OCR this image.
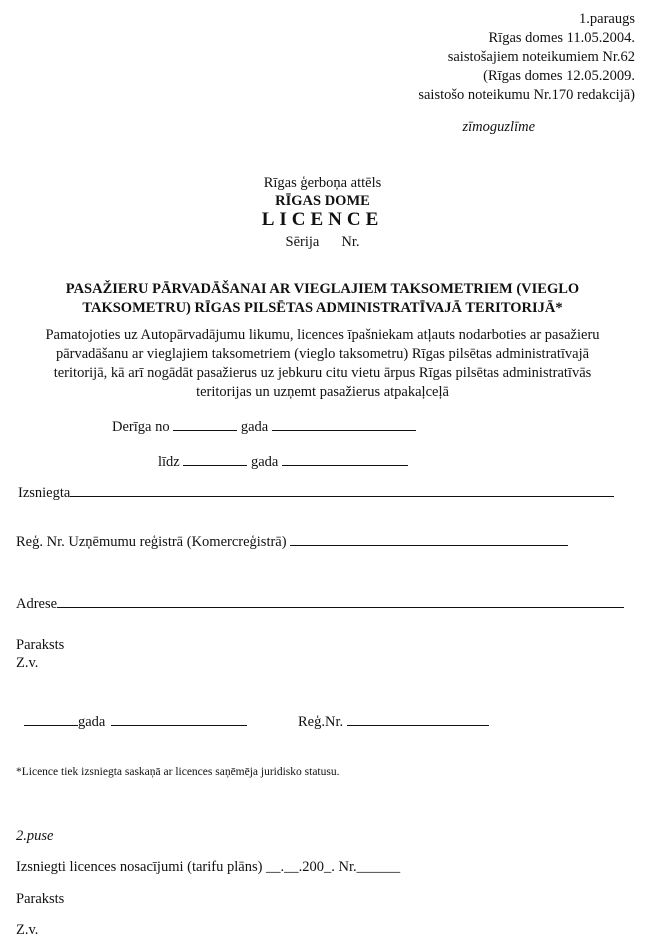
1.paraugs
Rīgas domes 11.05.2004.
saistošajiem noteikumiem Nr.62
(Rīgas domes 12.05.2009.
saistošo noteikumu Nr.170 redakcijā)
zīmoguzlīme
Rīgas ģerboņa attēls
RĪGAS DOME
LICENCE
Sērija Nr.
PASAŽIERU PĀRVADĀŠANAI AR VIEGLAJIEM TAKSOMETRIEM (VIEGLO
TAKSOMETRU) RĪGAS PILSĒTAS ADMINISTRATĪVAJĀ TERITORIJĀ*
Pamatojoties uz Autopārvadājumu likumu, licences īpašniekam atļauts nodarboties ar pasažieru
pārvadāšanu ar vieglajiem taksometriem (vieglo taksometru) Rīgas pilsētas administratīvajā
teritorijā, kā arī nogādāt pasažierus uz jebkuru citu vietu ārpus Rīgas pilsētas administratīvās
teritorijas un uzņemt pasažierus atpakaļceļā
Derīga no	gada
līdz	gada
Izsniegta
Reģ. Nr. Uzņēmumu reģistrā (Komercreģistrā)
Adrese
Paraksts
Z.v.
gada	Reģ.Nr.
*Licence tiek izsniegta saskaņā ar licences saņēmēja juridisko statusu.
2.puse
Izsniegti licences nosacījumi (tarifu plāns) __.__.200_. Nr.______
Paraksts
Z.v.
